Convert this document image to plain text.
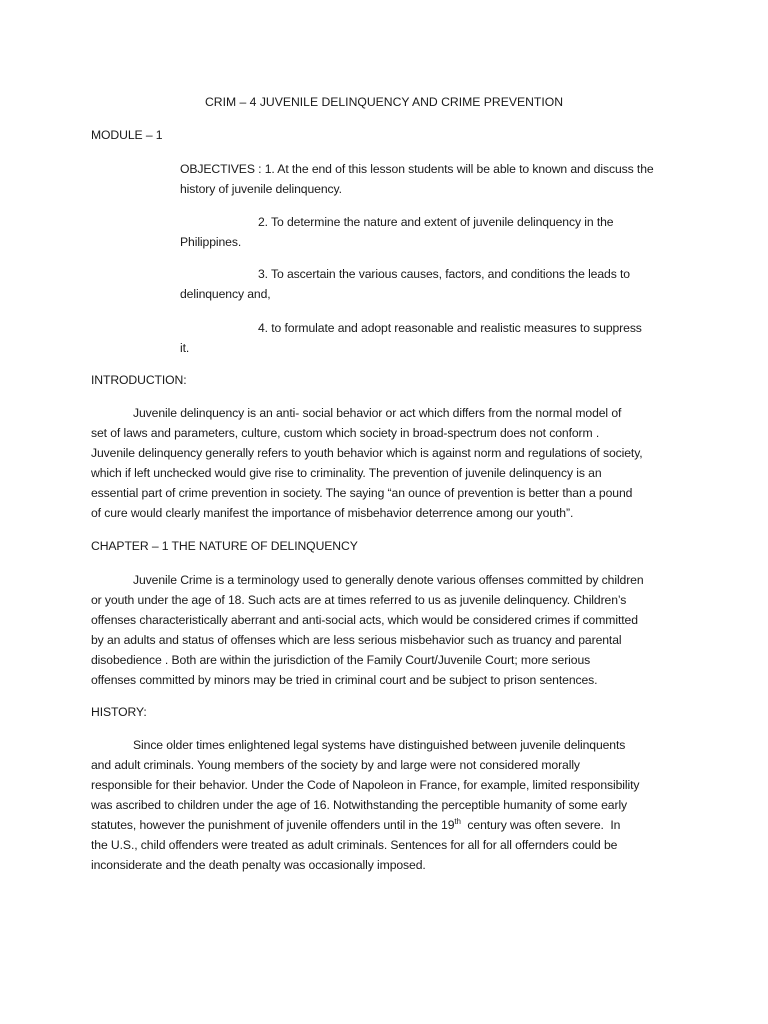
CRIM – 4 JUVENILE DELINQUENCY AND CRIME PREVENTION
MODULE – 1
OBJECTIVES : 1. At the end of this lesson students will be able to known and discuss the
history of juvenile delinquency.
2. To determine the nature and extent of juvenile delinquency in the
Philippines.
3. To ascertain the various causes, factors, and conditions the leads to
delinquency and,
4. to formulate and adopt reasonable and realistic measures to suppress
it.
INTRODUCTION:
Juvenile delinquency is an anti- social behavior or act which differs from the normal model of
set of laws and parameters, culture, custom which society in broad-spectrum does not conform .
Juvenile delinquency generally refers to youth behavior which is against norm and regulations of society,
which if left unchecked would give rise to criminality. The prevention of juvenile delinquency is an
essential part of crime prevention in society. The saying “an ounce of prevention is better than a pound
of cure would clearly manifest the importance of misbehavior deterrence among our youth”.
CHAPTER – 1 THE NATURE OF DELINQUENCY
Juvenile Crime is a terminology used to generally denote various offenses committed by children
or youth under the age of 18. Such acts are at times referred to us as juvenile delinquency. Children’s
offenses characteristically aberrant and anti-social acts, which would be considered crimes if committed
by an adults and status of offenses which are less serious misbehavior such as truancy and parental
disobedience . Both are within the jurisdiction of the Family Court/Juvenile Court; more serious
offenses committed by minors may be tried in criminal court and be subject to prison sentences.
HISTORY:
Since older times enlightened legal systems have distinguished between juvenile delinquents
and adult criminals. Young members of the society by and large were not considered morally
responsible for their behavior. Under the Code of Napoleon in France, for example, limited responsibility
was ascribed to children under the age of 16. Notwithstanding the perceptible humanity of some early
statutes, however the punishment of juvenile offenders until in the 19th  century was often severe.  In
the U.S., child offenders were treated as adult criminals. Sentences for all for all offernders could be
inconsiderate and the death penalty was occasionally imposed.
